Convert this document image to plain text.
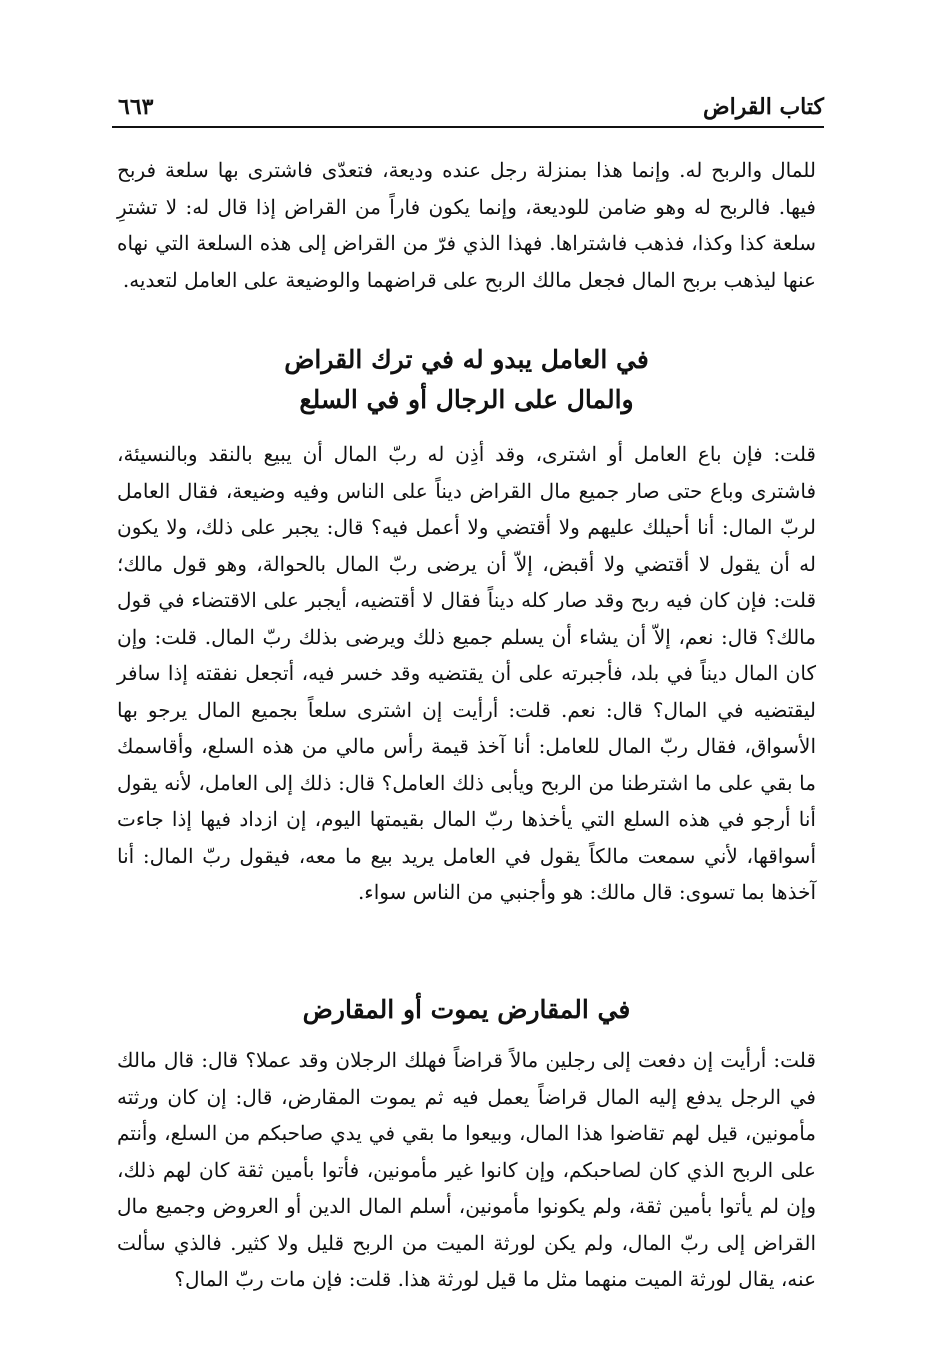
كتاب القراض
٦٦٣

للمال والربح له. وإنما هذا بمنزلة رجل عنده وديعة، فتعدّى فاشترى بها سلعة فربح فيها. فالربح له وهو ضامن للوديعة، وإنما يكون فاراً من القراض إذا قال له: لا تشترِ سلعة كذا وكذا، فذهب فاشتراها. فهذا الذي فرّ من القراض إلى هذه السلعة التي نهاه عنها ليذهب بربح المال فجعل مالك الربح على قراضهما والوضيعة على العامل لتعديه.

في العامل يبدو له في ترك القراض
والمال على الرجال أو في السلع

قلت: فإن باع العامل أو اشترى، وقد أذِن له ربّ المال أن يبيع بالنقد وبالنسيئة، فاشترى وباع حتى صار جميع مال القراض ديناً على الناس وفيه وضيعة، فقال العامل لربّ المال: أنا أحيلك عليهم ولا أقتضي ولا أعمل فيه؟ قال: يجبر على ذلك، ولا يكون له أن يقول لا أقتضي ولا أقبض، إلاّ أن يرضى ربّ المال بالحوالة، وهو قول مالك؛ قلت: فإن كان فيه ربح وقد صار كله ديناً فقال لا أقتضيه، أيجبر على الاقتضاء في قول مالك؟ قال: نعم، إلاّ أن يشاء أن يسلم جميع ذلك ويرضى بذلك ربّ المال. قلت: وإن كان المال ديناً في بلد، فأجبرته على أن يقتضيه وقد خسر فيه، أتجعل نفقته إذا سافر ليقتضيه في المال؟ قال: نعم. قلت: أرأيت إن اشترى سلعاً بجميع المال يرجو بها الأسواق، فقال ربّ المال للعامل: أنا آخذ قيمة رأس مالي من هذه السلع، وأقاسمك ما بقي على ما اشترطنا من الربح ويأبى ذلك العامل؟ قال: ذلك إلى العامل، لأنه يقول أنا أرجو في هذه السلع التي يأخذها ربّ المال بقيمتها اليوم، إن ازداد فيها إذا جاءت أسواقها، لأني سمعت مالكاً يقول في العامل يريد بيع ما معه، فيقول ربّ المال: أنا آخذها بما تسوى: قال مالك: هو وأجنبي من الناس سواء.

في المقارض يموت أو المقارض

قلت: أرأيت إن دفعت إلى رجلين مالاً قراضاً فهلك الرجلان وقد عملا؟ قال: قال مالك في الرجل يدفع إليه المال قراضاً يعمل فيه ثم يموت المقارض، قال: إن كان ورثته مأمونين، قيل لهم تقاضوا هذا المال، وبيعوا ما بقي في يدي صاحبكم من السلع، وأنتم على الربح الذي كان لصاحبكم، وإن كانوا غير مأمونين، فأتوا بأمين ثقة كان لهم ذلك، وإن لم يأتوا بأمين ثقة، ولم يكونوا مأمونين، أسلم المال الدين أو العروض وجميع مال القراض إلى ربّ المال، ولم يكن لورثة الميت من الربح قليل ولا كثير. فالذي سألت عنه، يقال لورثة الميت منهما مثل ما قيل لورثة هذا. قلت: فإن مات ربّ المال؟
